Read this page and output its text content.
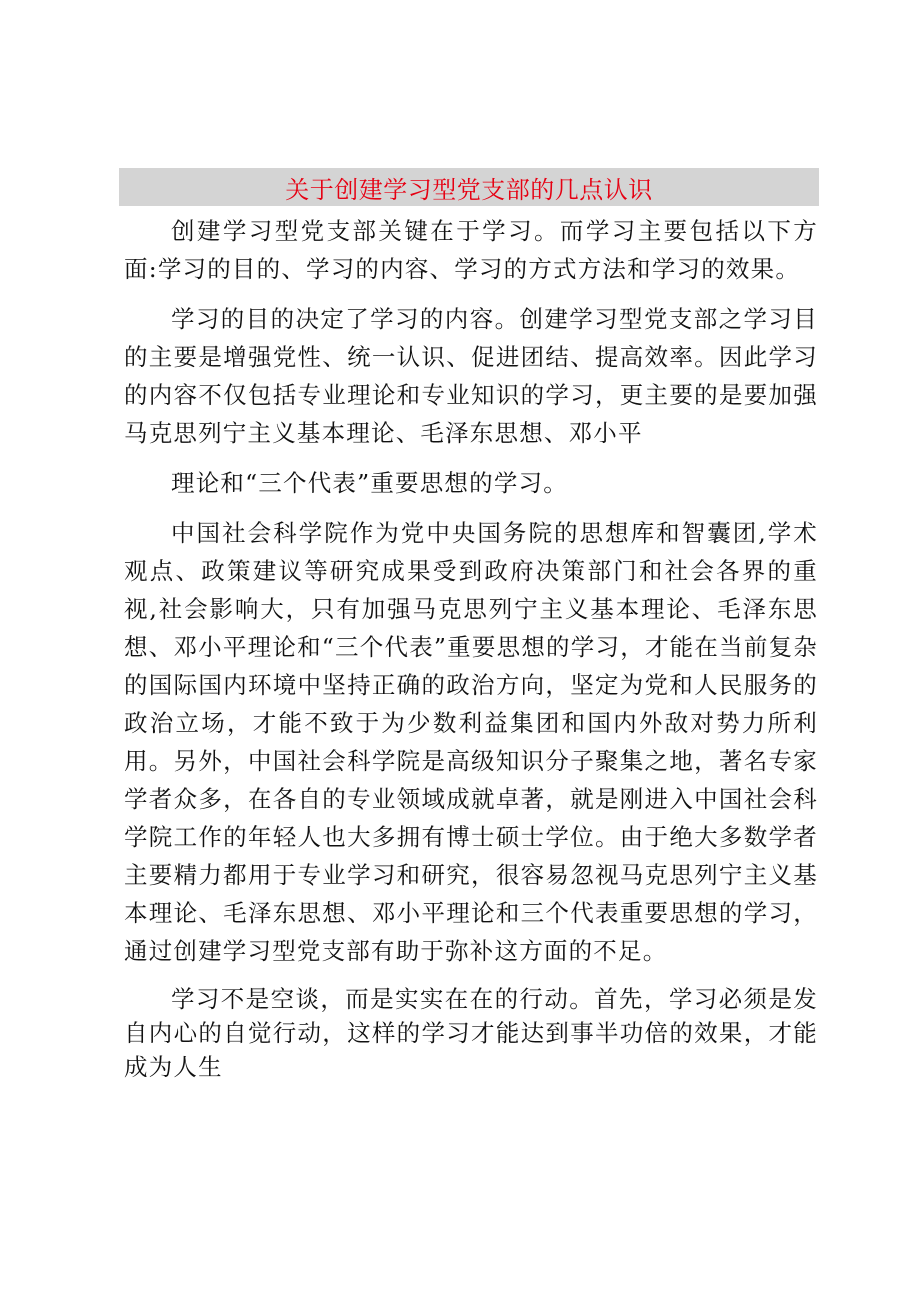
关于创建学习型党支部的几点认识

创建学习型党支部关键在于学习。而学习主要包括以下方面:学习的目的、学习的内容、学习的方式方法和学习的效果。

学习的目的决定了学习的内容。创建学习型党支部之学习目的主要是增强党性、统一认识、促进团结、提高效率。因此学习的内容不仅包括专业理论和专业知识的学习，更主要的是要加强马克思列宁主义基本理论、毛泽东思想、邓小平

理论和“三个代表”重要思想的学习。

中国社会科学院作为党中央国务院的思想库和智囊团,学术观点、政策建议等研究成果受到政府决策部门和社会各界的重视,社会影响大，只有加强马克思列宁主义基本理论、毛泽东思想、邓小平理论和“三个代表”重要思想的学习，才能在当前复杂的国际国内环境中坚持正确的政治方向，坚定为党和人民服务的政治立场，才能不致于为少数利益集团和国内外敌对势力所利用。另外，中国社会科学院是高级知识分子聚集之地，著名专家学者众多，在各自的专业领域成就卓著，就是刚进入中国社会科学院工作的年轻人也大多拥有博士硕士学位。由于绝大多数学者主要精力都用于专业学习和研究，很容易忽视马克思列宁主义基本理论、毛泽东思想、邓小平理论和三个代表重要思想的学习，通过创建学习型党支部有助于弥补这方面的不足。

学习不是空谈，而是实实在在的行动。首先，学习必须是发自内心的自觉行动，这样的学习才能达到事半功倍的效果，才能成为人生
